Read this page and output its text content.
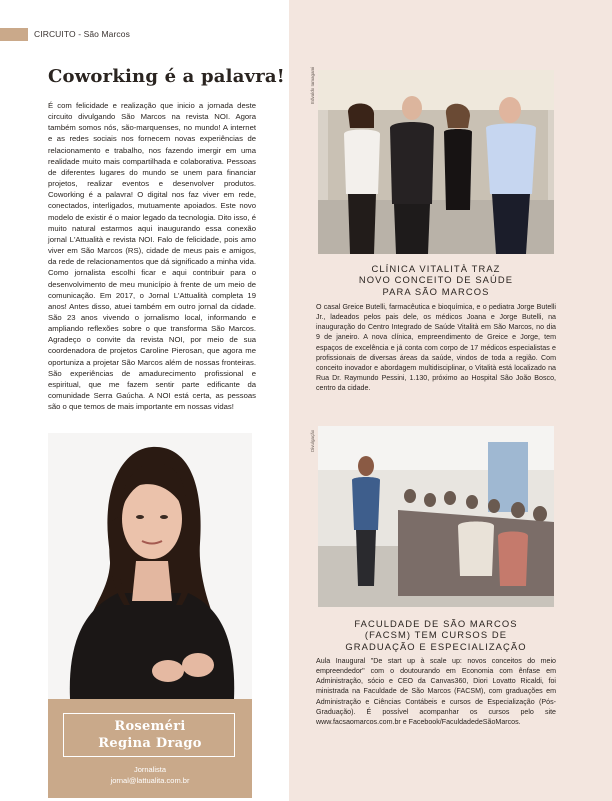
CIRCUITO - São Marcos
Coworking é a palavra!

É com felicidade e realização que inicio a jornada deste circuito divulgando São Marcos na revista NOI. Agora também somos nós, são-marquenses, no mundo! A internet e as redes sociais nos fornecem novas experiências de relacionamento e trabalho, nos fazendo imergir em uma realidade muito mais compartilhada e colaborativa. Pessoas de diferentes lugares do mundo se unem para financiar projetos, realizar eventos e desenvolver produtos. Coworking é a palavra! O digital nos faz viver em rede, conectados, interligados, mutuamente apoiados. Este novo modelo de existir é o maior legado da tecnologia. Dito isso, é muito natural estarmos aqui inaugurando essa conexão jornal L'Attualità e revista NOI. Falo de felicidade, pois amo viver em São Marcos (RS), cidade de meus pais e amigos, da rede de relacionamentos que dá significado a minha vida. Como jornalista escolhi ficar e aqui contribuir para o desenvolvimento de meu município à frente de um meio de comunicação. Em 2017, o Jornal L'Attualità completa 19 anos! Antes disso, atuei também em outro jornal da cidade. São 23 anos vivendo o jornalismo local, informando e ampliando reflexões sobre o que transforma São Marcos. Agradeço o convite da revista NOI, por meio de sua coordenadora de projetos Caroline Pierosan, que agora me oportuniza a projetar São Marcos além de nossas fronteiras. São experiências de amadurecimento profissional e espiritual, que me fazem sentir parte edificante da comunidade Serra Gaúcha. A NOI está certa, as pessoas são o que temos de mais importante em nossas vidas!

Roseméri
Regina Drago
Jornalista
jornal@lattualita.com.br
Edvaldo Iamagami
CLÍNICA VITALITÀ TRAZ
NOVO CONCEITO DE SAÚDE
PARA SÃO MARCOS

O casal Greice Butelli, farmacêutica e bioquímica, e o pediatra Jorge Butelli Jr., ladeados pelos pais dele, os médicos Joana e Jorge Butelli, na inauguração do Centro Integrado de Saúde Vitalità em São Marcos, no dia 9 de janeiro. A nova clínica, empreendimento de Greice e Jorge, tem espaços de excelência e já conta com corpo de 17 médicos especialistas e profissionais de diversas áreas da saúde, vindos de toda a região. Com conceito inovador e abordagem multidisciplinar, o Vitalità está localizado na Rua Dr. Raymundo Pessini, 1.130, próximo ao Hospital São João Bosco, centro da cidade.

Divulgação
FACULDADE DE SÃO MARCOS
(FACSM) TEM CURSOS DE
GRADUAÇÃO E ESPECIALIZAÇÃO

Aula Inaugural "De start up à scale up: novos conceitos do meio empreendedor" com o doutourando em Economia com ênfase em Administração, sócio e CEO da Canvas360, Diori Lovatto Ricaldi, foi ministrada na Faculdade de São Marcos (FACSM), com graduações em Administração e Ciências Contábeis e cursos de Especialização (Pós-Graduação). É possível acompanhar os cursos pelo site www.facsaomarcos.com.br e Facebook/FaculdadedeSãoMarcos.
